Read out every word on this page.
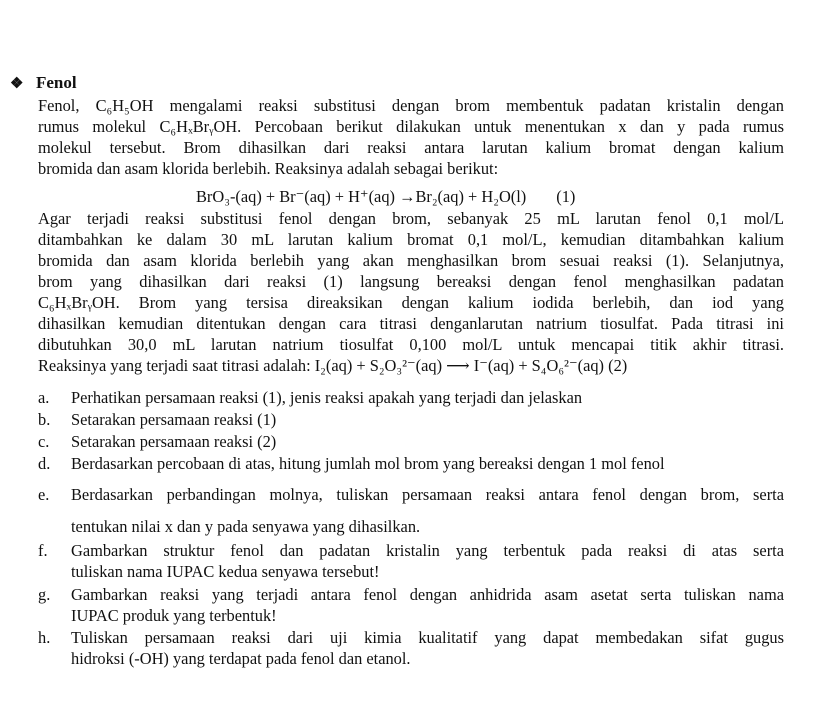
❖ Fenol
Fenol, C₆H₅OH mengalami reaksi substitusi dengan brom membentuk padatan kristalin dengan
rumus molekul C₆HₓBrᵧOH. Percobaan berikut dilakukan untuk menentukan x dan y pada rumus
molekul tersebut. Brom dihasilkan dari reaksi antara larutan kalium bromat dengan kalium
bromida dan asam klorida berlebih. Reaksinya adalah sebagai berikut:
BrO₃-(aq) + Br⁻(aq) + H⁺(aq) →Br₂(aq) + H₂O(l) (1)
Agar terjadi reaksi substitusi fenol dengan brom, sebanyak 25 mL larutan fenol 0,1 mol/L
ditambahkan ke dalam 30 mL larutan kalium bromat 0,1 mol/L, kemudian ditambahkan kalium
bromida dan asam klorida berlebih yang akan menghasilkan brom sesuai reaksi (1). Selanjutnya,
brom yang dihasilkan dari reaksi (1) langsung bereaksi dengan fenol menghasilkan padatan
C₆HₓBrᵧOH. Brom yang tersisa direaksikan dengan kalium iodida berlebih, dan iod yang
dihasilkan kemudian ditentukan dengan cara titrasi denganlarutan natrium tiosulfat. Pada titrasi ini
dibutuhkan 30,0 mL larutan natrium tiosulfat 0,100 mol/L untuk mencapai titik akhir titrasi.
Reaksinya yang terjadi saat titrasi adalah: I₂(aq) + S₂O₃²⁻(aq) ⟶ I⁻(aq) + S₄O₆²⁻(aq) (2)
a.	Perhatikan persamaan reaksi (1), jenis reaksi apakah yang terjadi dan jelaskan
b.	Setarakan persamaan reaksi (1)
c.	Setarakan persamaan reaksi (2)
d.	Berdasarkan percobaan di atas, hitung jumlah mol brom yang bereaksi dengan 1 mol fenol
e.	Berdasarkan perbandingan molnya, tuliskan persamaan reaksi antara fenol dengan brom, serta
tentukan nilai x dan y pada senyawa yang dihasilkan.
f.	Gambarkan struktur fenol dan padatan kristalin yang terbentuk pada reaksi di atas serta
tuliskan nama IUPAC kedua senyawa tersebut!
g.	Gambarkan reaksi yang terjadi antara fenol dengan anhidrida asam asetat serta tuliskan nama
IUPAC produk yang terbentuk!
h.	Tuliskan persamaan reaksi dari uji kimia kualitatif yang dapat membedakan sifat gugus
hidroksi (-OH) yang terdapat pada fenol dan etanol.
